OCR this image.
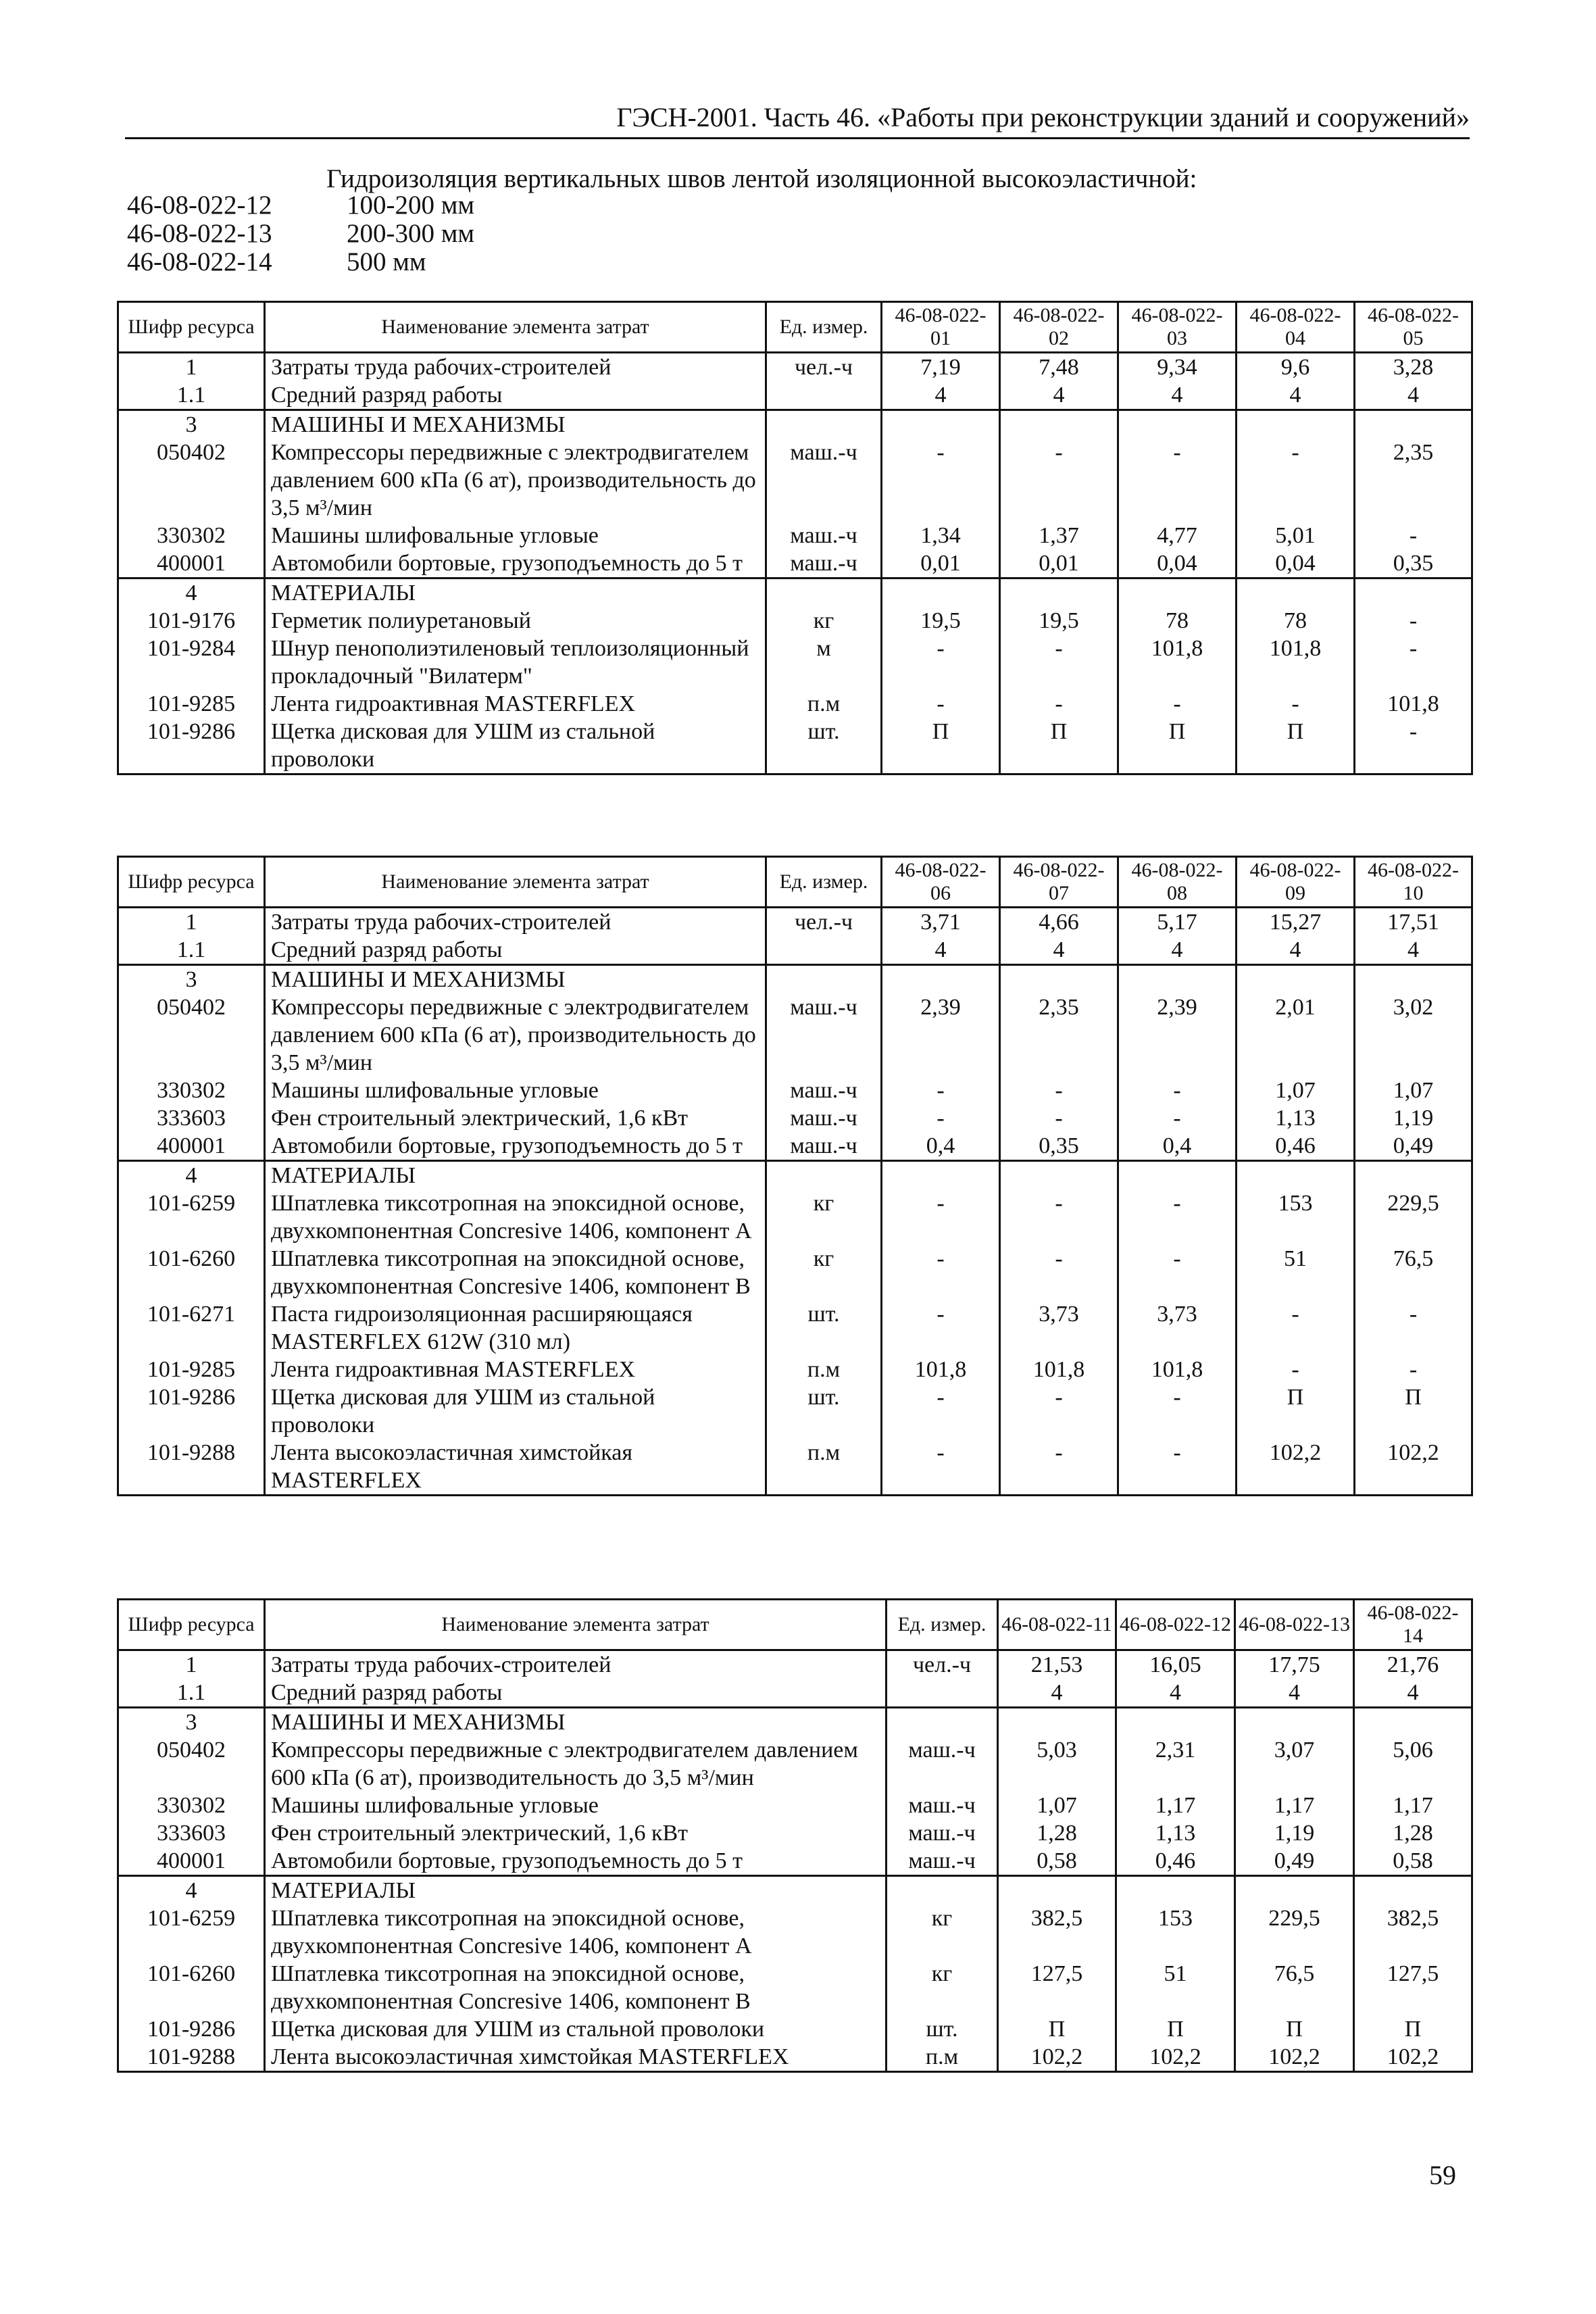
ГЭСН-2001. Часть 46. «Работы при реконструкции зданий и сооружений»
Гидроизоляция вертикальных швов лентой изоляционной высокоэластичной:
46-08-022-12	100-200 мм
46-08-022-13	200-300 мм
46-08-022-14	500 мм
Шифр ресурса	Наименование элемента затрат	Ед. измер.	46-08-022-01	46-08-022-02	46-08-022-03	46-08-022-04	46-08-022-05
1	Затраты труда рабочих-строителей	чел.-ч	7,19	7,48	9,34	9,6	3,28
1.1	Средний разряд работы		4	4	4	4	4
3	МАШИНЫ И МЕХАНИЗМЫ						
050402	Компрессоры передвижные с электродвигателем давлением 600 кПа (6 ат), производительность до 3,5 м³/мин	маш.-ч	-	-	-	-	2,35
330302	Машины шлифовальные угловые	маш.-ч	1,34	1,37	4,77	5,01	-
400001	Автомобили бортовые, грузоподъемность до 5 т	маш.-ч	0,01	0,01	0,04	0,04	0,35
4	МАТЕРИАЛЫ						
101-9176	Герметик полиуретановый	кг	19,5	19,5	78	78	-
101-9284	Шнур пенополиэтиленовый теплоизоляционный прокладочный "Вилатерм"	м	-	-	101,8	101,8	-
101-9285	Лента гидроактивная MASTERFLEX	п.м	-	-	-	-	101,8
101-9286	Щетка дисковая для УШМ из стальной проволоки	шт.	П	П	П	П	-
Шифр ресурса	Наименование элемента затрат	Ед. измер.	46-08-022-06	46-08-022-07	46-08-022-08	46-08-022-09	46-08-022-10
1	Затраты труда рабочих-строителей	чел.-ч	3,71	4,66	5,17	15,27	17,51
1.1	Средний разряд работы		4	4	4	4	4
3	МАШИНЫ И МЕХАНИЗМЫ						
050402	Компрессоры передвижные с электродвигателем давлением 600 кПа (6 ат), производительность до 3,5 м³/мин	маш.-ч	2,39	2,35	2,39	2,01	3,02
330302	Машины шлифовальные угловые	маш.-ч	-	-	-	1,07	1,07
333603	Фен строительный электрический, 1,6 кВт	маш.-ч	-	-	-	1,13	1,19
400001	Автомобили бортовые, грузоподъемность до 5 т	маш.-ч	0,4	0,35	0,4	0,46	0,49
4	МАТЕРИАЛЫ						
101-6259	Шпатлевка тиксотропная на эпоксидной основе, двухкомпонентная Concresive 1406, компонент A	кг	-	-	-	153	229,5
101-6260	Шпатлевка тиксотропная на эпоксидной основе, двухкомпонентная Concresive 1406, компонент B	кг	-	-	-	51	76,5
101-6271	Паста гидроизоляционная расширяющаяся MASTERFLEX 612W (310 мл)	шт.	-	3,73	3,73	-	-
101-9285	Лента гидроактивная MASTERFLEX	п.м	101,8	101,8	101,8	-	-
101-9286	Щетка дисковая для УШМ из стальной проволоки	шт.	-	-	-	П	П
101-9288	Лента высокоэластичная химстойкая MASTERFLEX	п.м	-	-	-	102,2	102,2
Шифр ресурса	Наименование элемента затрат	Ед. измер.	46-08-022-11	46-08-022-12	46-08-022-13	46-08-022-14
1	Затраты труда рабочих-строителей	чел.-ч	21,53	16,05	17,75	21,76
1.1	Средний разряд работы		4	4	4	4
3	МАШИНЫ И МЕХАНИЗМЫ					
050402	Компрессоры передвижные с электродвигателем давлением 600 кПа (6 ат), производительность до 3,5 м³/мин	маш.-ч	5,03	2,31	3,07	5,06
330302	Машины шлифовальные угловые	маш.-ч	1,07	1,17	1,17	1,17
333603	Фен строительный электрический, 1,6 кВт	маш.-ч	1,28	1,13	1,19	1,28
400001	Автомобили бортовые, грузоподъемность до 5 т	маш.-ч	0,58	0,46	0,49	0,58
4	МАТЕРИАЛЫ					
101-6259	Шпатлевка тиксотропная на эпоксидной основе, двухкомпонентная Concresive 1406, компонент A	кг	382,5	153	229,5	382,5
101-6260	Шпатлевка тиксотропная на эпоксидной основе, двухкомпонентная Concresive 1406, компонент B	кг	127,5	51	76,5	127,5
101-9286	Щетка дисковая для УШМ из стальной проволоки	шт.	П	П	П	П
101-9288	Лента высокоэластичная химстойкая MASTERFLEX	п.м	102,2	102,2	102,2	102,2
59
